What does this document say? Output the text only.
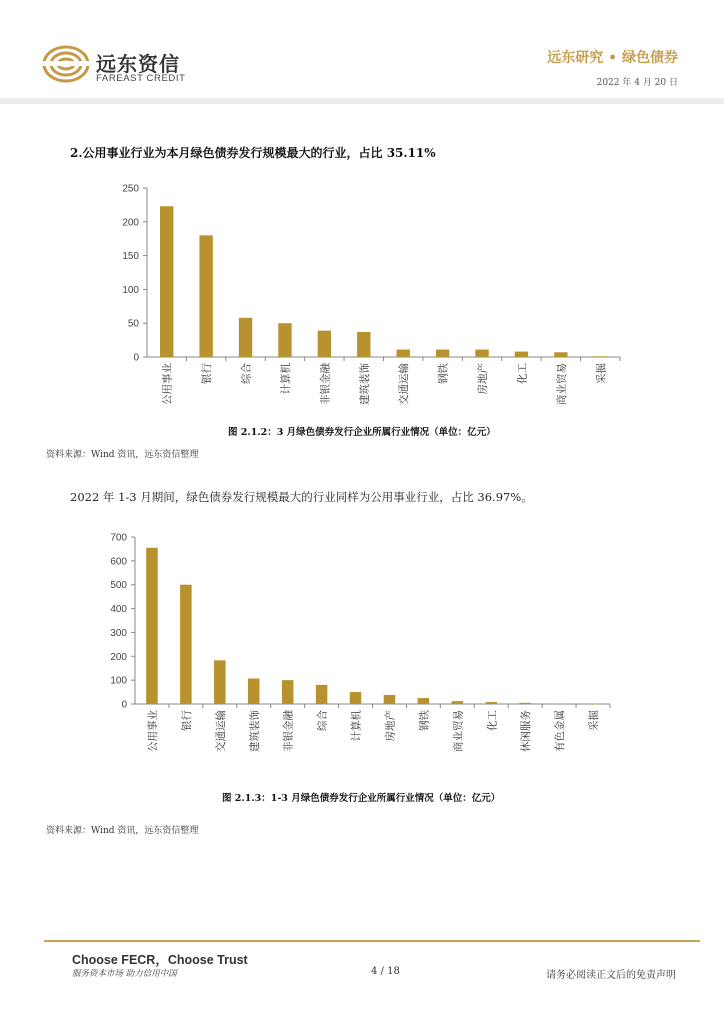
远东资信
FAREAST CREDIT
远东研究 • 绿色债券
2022 年 4 月 20 日
2.公用事业行业为本月绿色债券发行规模最大的行业，占比 35.11%
0
50
100
150
200
250
公用事业	银行	综合	计算机	非银金融	建筑装饰	交通运输	钢铁	房地产	化工	商业贸易	采掘
图 2.1.2：3 月绿色债券发行企业所属行业情况（单位：亿元）
资料来源：Wind 资讯，远东资信整理
2022 年 1-3 月期间，绿色债券发行规模最大的行业同样为公用事业行业，占比 36.97%。
0
100
200
300
400
500
600
700
公用事业 银行 交通运输 建筑装饰 非银金融 综合 计算机 房地产 钢铁 商业贸易 化工 休闲服务 有色金属 采掘
图 2.1.3：1-3 月绿色债券发行企业所属行业情况（单位：亿元）
资料来源：Wind 资讯，远东资信整理
Choose FECR，Choose Trust
服务资本市场 助力信用中国	4 / 18	请务必阅读正文后的免责声明
